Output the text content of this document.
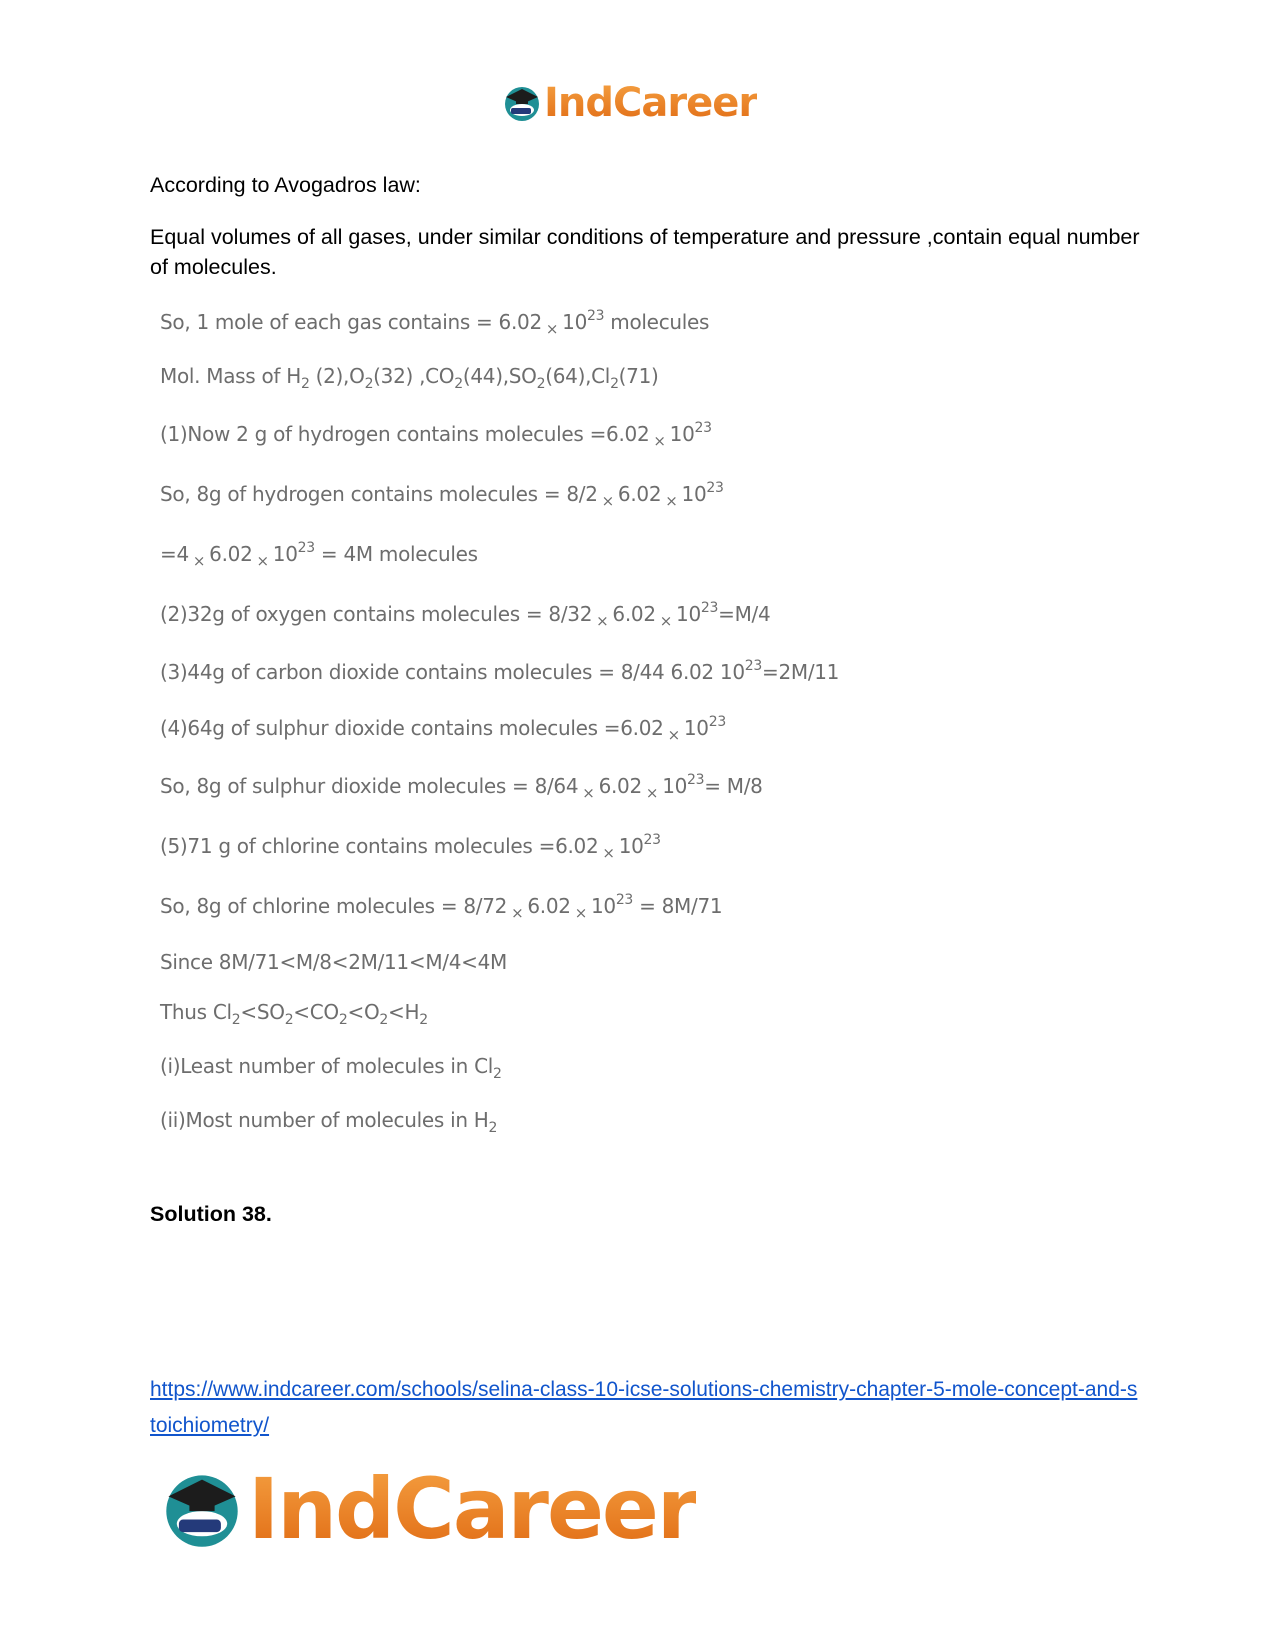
IndCareer

According to Avogadros law:

Equal volumes of all gases, under similar conditions of temperature and pressure ,contain equal number of molecules.

So, 1 mole of each gas contains = 6.02 $_\times$ $10^{23}$ molecules
Mol. Mass of $H_2$ $(2),O_2(32)$ $,CO_2(44),SO_2(64),Cl_2(71)$
(1)Now 2 g of hydrogen contains molecules =6.02 $_\times$ $10^{23}$
So, 8g of hydrogen contains molecules = 8/2 $_\times$ 6.02 $_\times$ $10^{23}$
=4 $_\times$ 6.02 $_\times$ $10^{23} = 4M$ molecules
(2)32g of oxygen contains molecules = 8/32 $_\times$ 6.02 $_\times$ $10^{23}=M/4$
(3)44g of carbon dioxide contains molecules = 8/44 6.02 $10^{23}=2M/11$
(4)64g of sulphur dioxide contains molecules =6.02 $_\times$ $10^{23}$
So, 8g of sulphur dioxide molecules = 8/64 $_\times$ 6.02 $_\times$ $10^{23}= M/8$
(5)71 g of chlorine contains molecules =6.02 $_\times$ $10^{23}$
So, 8g of chlorine molecules = 8/72 $_\times$ 6.02 $_\times$ $10^{23} = 8M/71$
Since 8M/71<M/8<2M/11<M/4<4M
Thus $Cl_2<SO_2<CO_2<O_2<H_2$
(i)Least number of molecules in $Cl_2$
(ii)Most number of molecules in $H_2$
Solution 38.
https://www.indcareer.com/schools/selina-class-10-icse-solutions-chemistry-chapter-5-mole-concept-and-stoichiometry/
IndCareer
